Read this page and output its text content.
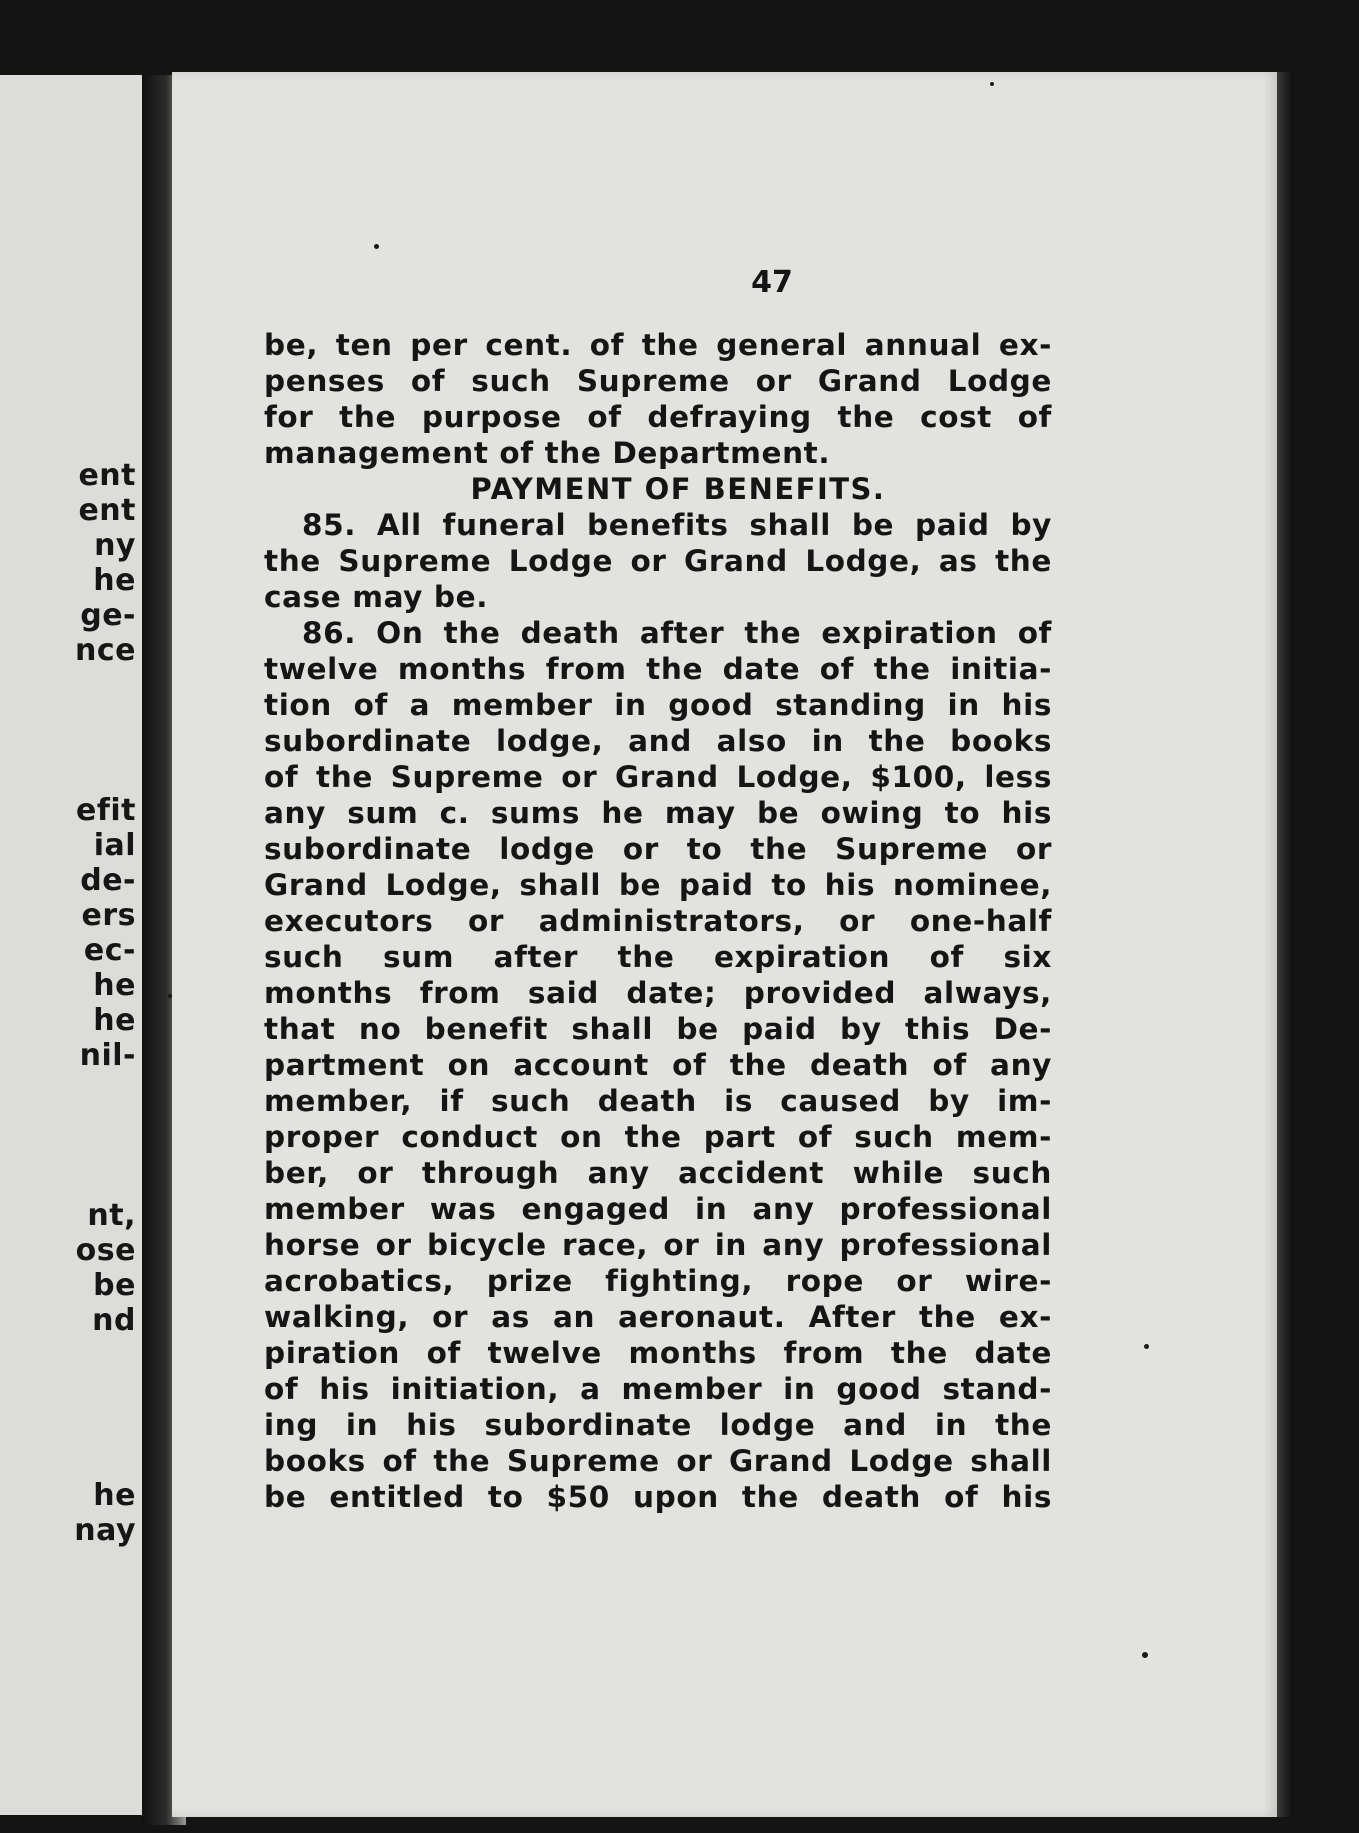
ent
ent
ny
he
ge-
nce
efit
ial
de-
ers
ec-
he
he
nil-
nt,
ose
be
nd
he
nay
47
be, ten per cent. of the general annual ex-
penses of such Supreme or Grand Lodge
for the purpose of defraying the cost of
management of the Department.
PAYMENT OF BENEFITS.
85. All funeral benefits shall be paid by
the Supreme Lodge or Grand Lodge, as the
case may be.
86. On the death after the expiration of
twelve months from the date of the initia-
tion of a member in good standing in his
subordinate lodge, and also in the books
of the Supreme or Grand Lodge, $100, less
any sum c. sums he may be owing to his
subordinate lodge or to the Supreme or
Grand Lodge, shall be paid to his nominee,
executors or administrators, or one-half
such sum after the expiration of six
months from said date; provided always,
that no benefit shall be paid by this De-
partment on account of the death of any
member, if such death is caused by im-
proper conduct on the part of such mem-
ber, or through any accident while such
member was engaged in any professional
horse or bicycle race, or in any professional
acrobatics, prize fighting, rope or wire-
walking, or as an aeronaut. After the ex-
piration of twelve months from the date
of his initiation, a member in good stand-
ing in his subordinate lodge and in the
books of the Supreme or Grand Lodge shall
be entitled to $50 upon the death of his
